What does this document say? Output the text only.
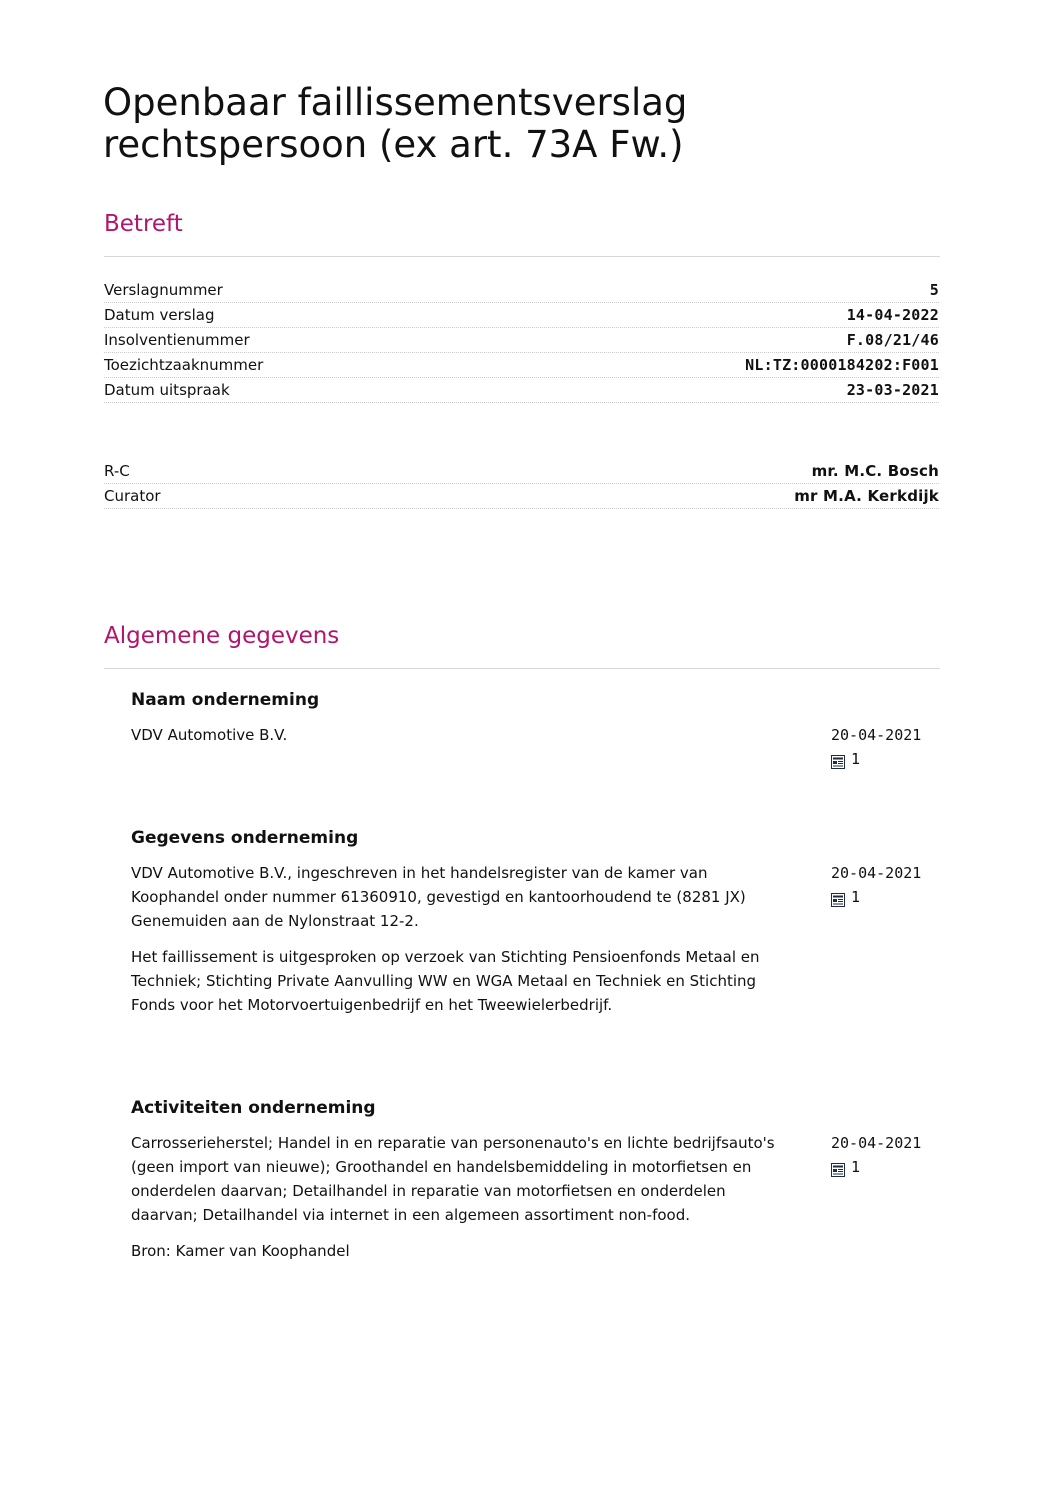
Openbaar faillissementsverslag
rechtspersoon (ex art. 73A Fw.)
Betreft
Verslagnummer	5
Datum verslag	14-04-2022
Insolventienummer	F.08/21/46
Toezichtzaaknummer	NL:TZ:0000184202:F001
Datum uitspraak	23-03-2021
R-C	mr. M.C. Bosch
Curator	mr M.A. Kerkdijk
Algemene gegevens
Naam onderneming

VDV Automotive B.V.	20-04-2021
1
Gegevens onderneming

VDV Automotive B.V., ingeschreven in het handelsregister van de kamer van Koophandel onder nummer 61360910, gevestigd en kantoorhoudend te (8281 JX) Genemuiden aan de Nylonstraat 12-2.

Het faillissement is uitgesproken op verzoek van Stichting Pensioenfonds Metaal en Techniek; Stichting Private Aanvulling WW en WGA Metaal en Techniek en Stichting Fonds voor het Motorvoertuigenbedrijf en het Tweewielerbedrijf.

20-04-2021
1
Activiteiten onderneming

Carrosserieherstel; Handel in en reparatie van personenauto's en lichte bedrijfsauto's (geen import van nieuwe); Groothandel en handelsbemiddeling in motorfietsen en onderdelen daarvan; Detailhandel in reparatie van motorfietsen en onderdelen daarvan; Detailhandel via internet in een algemeen assortiment non-food.

Bron: Kamer van Koophandel
20-04-2021
1
